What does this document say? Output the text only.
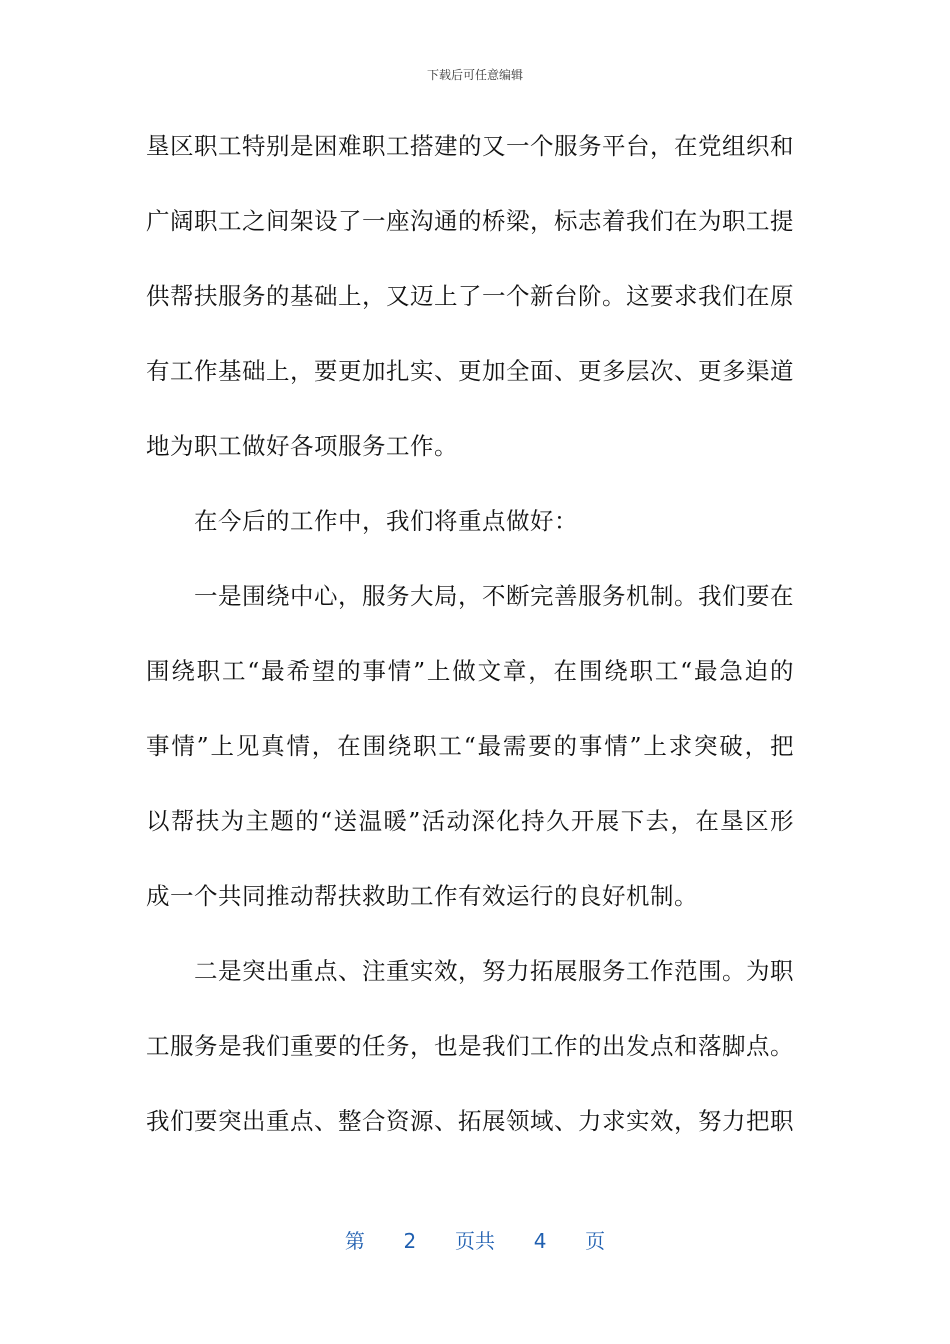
下载后可任意编辑
垦区职工特别是困难职工搭建的又一个服务平台，在党组织和
广阔职工之间架设了一座沟通的桥梁，标志着我们在为职工提
供帮扶服务的基础上，又迈上了一个新台阶。这要求我们在原
有工作基础上，要更加扎实、更加全面、更多层次、更多渠道
地为职工做好各项服务工作。
在今后的工作中，我们将重点做好：
一是围绕中心，服务大局，不断完善服务机制。我们要在
围绕职工“最希望的事情”上做文章，在围绕职工“最急迫的
事情”上见真情，在围绕职工“最需要的事情”上求突破，把
以帮扶为主题的“送温暖”活动深化持久开展下去，在垦区形
成一个共同推动帮扶救助工作有效运行的良好机制。
二是突出重点、注重实效，努力拓展服务工作范围。为职
工服务是我们重要的任务，也是我们工作的出发点和落脚点。
我们要突出重点、整合资源、拓展领域、力求实效，努力把职
第 2 页共 4 页
